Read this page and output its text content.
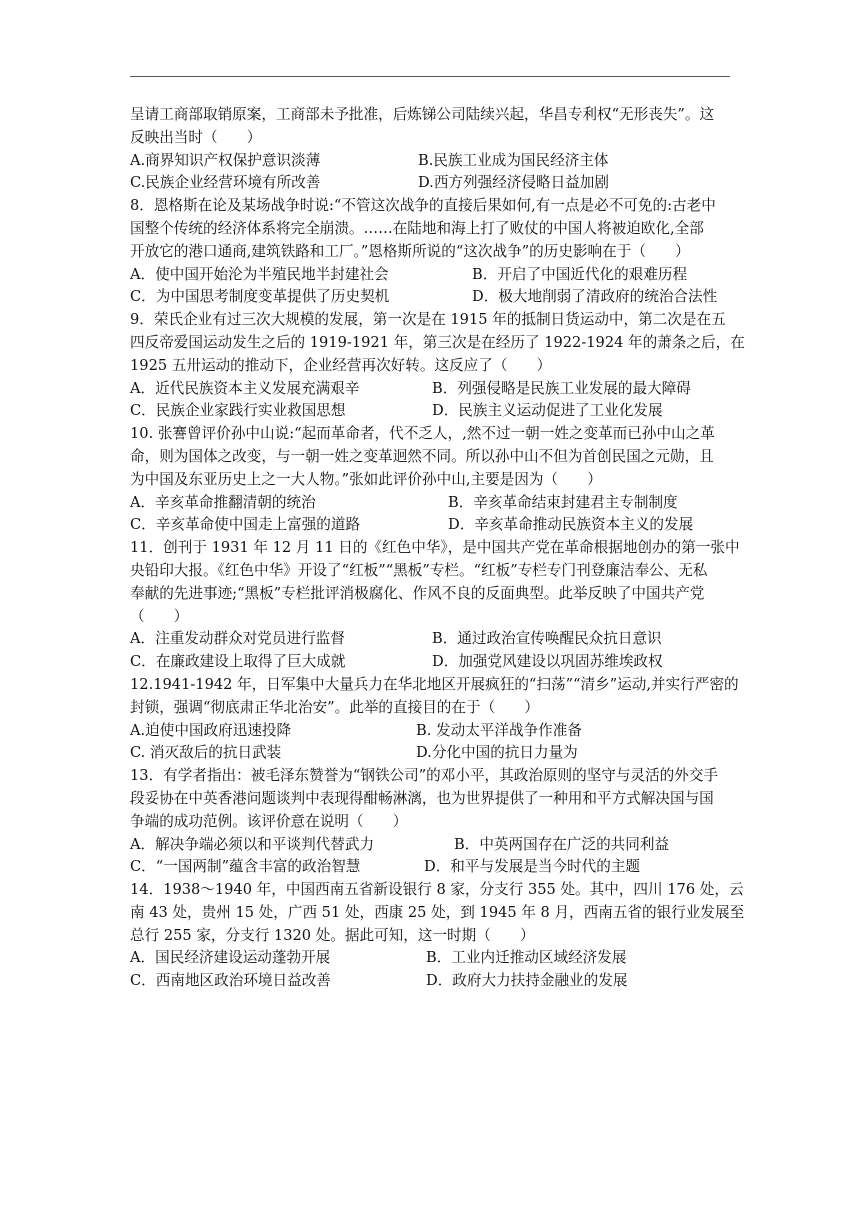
呈请工商部取销原案，工商部未予批准，后炼锑公司陆续兴起，华昌专利权“无形丧失”。这
反映出当时（　　）
A.商界知识产权保护意识淡薄	B.民族工业成为国民经济主体
C.民族企业经营环境有所改善	D.西方列强经济侵略日益加剧
8．恩格斯在论及某场战争时说:“不管这次战争的直接后果如何,有一点是必不可免的:古老中
国整个传统的经济体系将完全崩溃。……在陆地和海上打了败仗的中国人将被迫欧化,全部
开放它的港口通商,建筑铁路和工厂。”恩格斯所说的“这次战争”的历史影响在于（　　）
A．使中国开始沦为半殖民地半封建社会	B．开启了中国近代化的艰难历程
C．为中国思考制度变革提供了历史契机	D．极大地削弱了清政府的统治合法性
9．荣氏企业有过三次大规模的发展，第一次是在 1915 年的抵制日货运动中，第二次是在五
四反帝爱国运动发生之后的 1919-1921 年，第三次是在经历了 1922-1924 年的萧条之后，在
1925 五卅运动的推动下，企业经营再次好转。这反应了（　　）
A．近代民族资本主义发展充满艰辛	B．列强侵略是民族工业发展的最大障碍
C．民族企业家践行实业救国思想	D．民族主义运动促进了工业化发展
10. 张謇曾评价孙中山说:“起而革命者，代不乏人，,然不过一朝一姓之变革而已孙中山之革
命，则为国体之改变，与一朝一姓之变革迥然不同。所以孙中山不但为首创民国之元勋，且
为中国及东亚历史上之一大人物。”张如此评价孙中山,主要是因为（　　）
A．辛亥革命推翻清朝的统治	B．辛亥革命结束封建君主专制制度
C．辛亥革命使中国走上富强的道路	D．辛亥革命推动民族资本主义的发展
11．创刊于 1931 年 12 月 11 日的《红色中华》，是中国共产党在革命根据地创办的第一张中
央铅印大报。《红色中华》开设了“红板”“黑板”专栏。“红板”专栏专门刊登廉洁奉公、无私
奉献的先进事迹;“黑板”专栏批评消极腐化、作风不良的反面典型。此举反映了中国共产党
（　　）
A．注重发动群众对党员进行监督	B．通过政治宣传唤醒民众抗日意识
C．在廉政建设上取得了巨大成就	D．加强党风建设以巩固苏维埃政权
12.1941-1942 年，日军集中大量兵力在华北地区开展疯狂的“扫荡”“清乡”运动,并实行严密的
封锁，强调“彻底肃正华北治安”。此举的直接目的在于（　　）
A.迫使中国政府迅速投降	B. 发动太平洋战争作准备
C. 消灭敌后的抗日武装	D.分化中国的抗日力量为
13．有学者指出：被毛泽东赞誉为“钢铁公司”的邓小平，其政治原则的坚守与灵活的外交手
段妥协在中英香港问题谈判中表现得酣畅淋漓，也为世界提供了一种用和平方式解决国与国
争端的成功范例。该评价意在说明（　　）
A．解决争端必须以和平谈判代替武力	B．中英两国存在广泛的共同利益
C．“一国两制”蕴含丰富的政治智慧	D．和平与发展是当今时代的主题
14．1938～1940 年，中国西南五省新设银行 8 家，分支行 355 处。其中，四川 176 处，云
南 43 处，贵州 15 处，广西 51 处，西康 25 处，到 1945 年 8 月，西南五省的银行业发展至
总行 255 家，分支行 1320 处。据此可知，这一时期（　　）
A．国民经济建设运动蓬勃开展	B．工业内迁推动区域经济发展
C．西南地区政治环境日益改善	D．政府大力扶持金融业的发展
